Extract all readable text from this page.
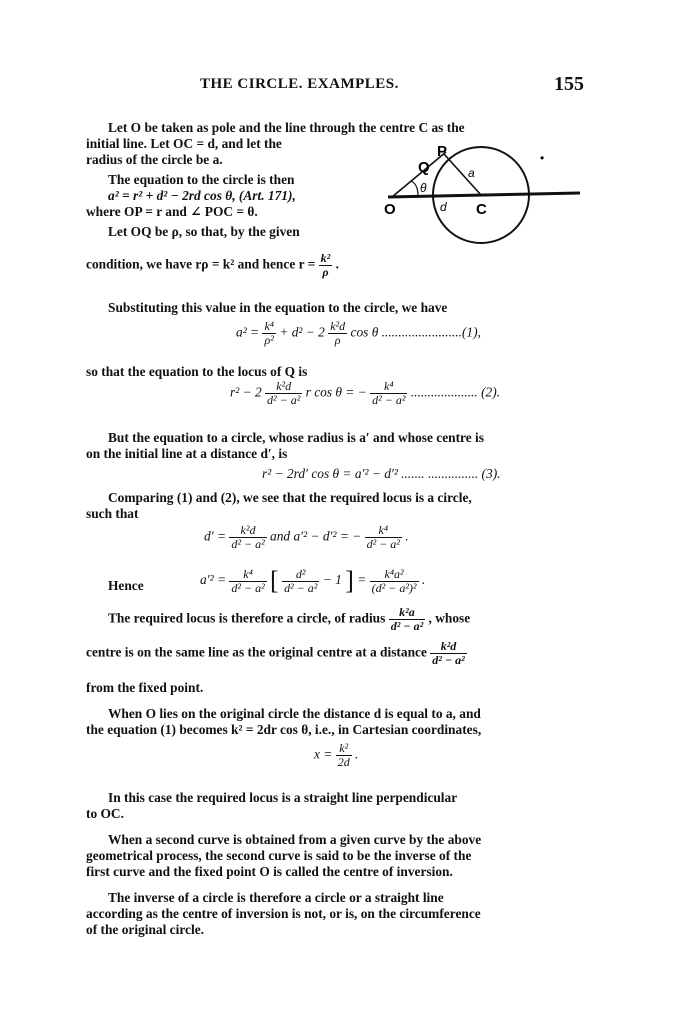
THE CIRCLE. EXAMPLES.	155

Let O be taken as pole and the line through the centre C as the

initial line. Let OC = d, and let the

radius of the circle be a.	Q
P
O	C
a
d
θ
•

The equation to the circle is then

a² = r² + d² − 2rd cos θ, (Art. 171),

where OP = r and ∠ POC = θ.

Let OQ be ρ, so that, by the given

condition, we have rρ = k² and hence $r = \frac{\text{k²}}{\rho}$ .

Substituting this value in the equation to the circle, we have

$a^2 = \frac{\text{k⁴}}{\text{ρ²}} + d^2 - 2 \frac{\text{k²d}}{\rho}$ cos θ ........................(1),

so that the equation to the locus of Q is

$r^2 - 2 \frac{\text{k²d}}{\text{d² − a²}}$ r cos θ = − $\frac{\text{k⁴}}{\text{d² − a²}}$ .................... (2).

But the equation to a circle, whose radius is a′ and whose centre is

on the initial line at a distance d′, is

r² − 2rd′ cos θ = a′² − d′² ....... ............... (3).

Comparing (1) and (2), we see that the required locus is a circle,

such that

$d' = \frac{\text{k²d}}{\text{d² − a²}}$ and a′² − d′² = − $\frac{\text{k⁴}}{\text{d² − a²}}$ .
Hence	$a'^2 = \frac{\text{k⁴}}{\text{d² − a²}}$ [ $\frac{\text{d²}}{\text{d² − a²}} - 1$ ] = $\frac{\text{k⁴a²}}{\text{(d² − a²)²}}$ .
The required locus is therefore a circle, of radius $\frac{\text{k²a}}{\text{d² − a²}}$ , whose
centre is on the same line as the original centre at a distance $\frac{\text{k²d}}{\text{d² − a²}}$

from the fixed point.

When O lies on the original circle the distance d is equal to a, and

the equation (1) becomes k² = 2dr cos θ, i.e., in Cartesian coordinates,

$x = \frac{\text{k²}}{2d}$ .

In this case the required locus is a straight line perpendicular

to OC.

When a second curve is obtained from a given curve by the above

geometrical process, the second curve is said to be the inverse of the

first curve and the fixed point O is called the centre of inversion.

The inverse of a circle is therefore a circle or a straight line

according as the centre of inversion is not, or is, on the circumference

of the original circle.
